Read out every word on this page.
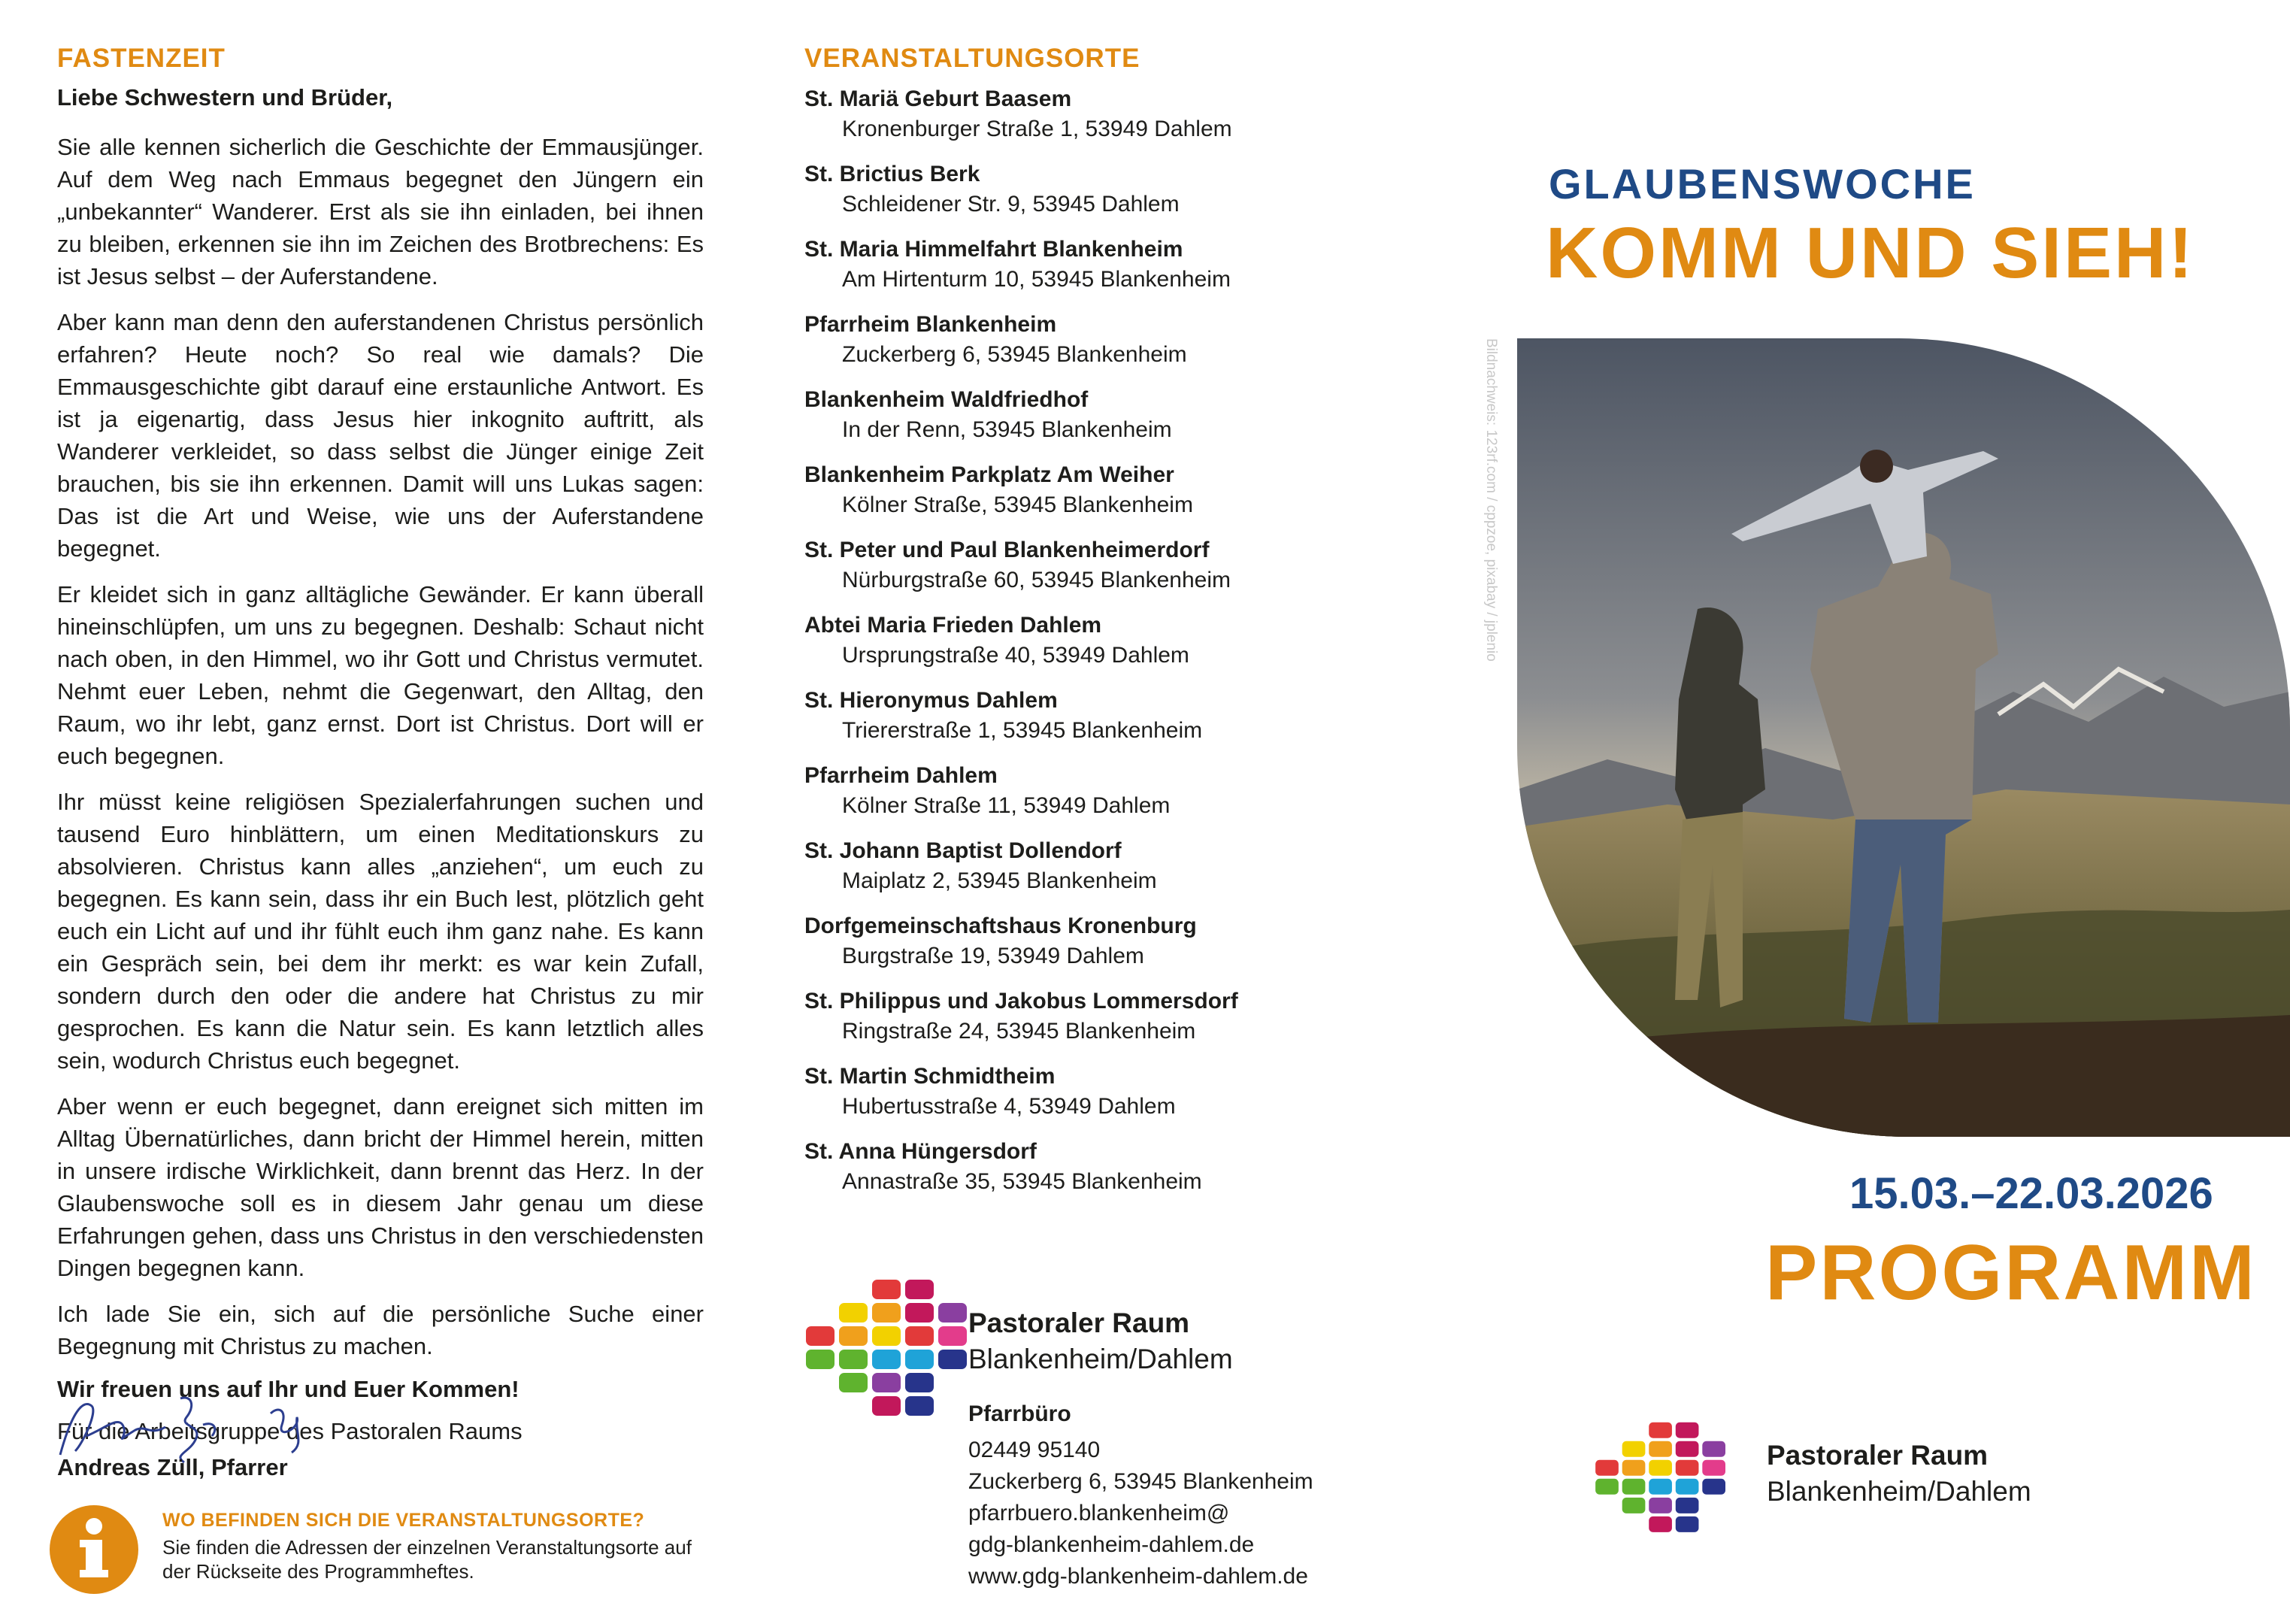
FASTENZEIT
Liebe Schwestern und Brüder,

Sie alle kennen sicherlich die Geschichte der Emmausjünger. Auf dem Weg nach Emmaus begegnet den Jüngern ein „unbekannter“ Wanderer. Erst als sie ihn einladen, bei ihnen zu bleiben, erkennen sie ihn im Zeichen des Brotbrechens: Es ist Jesus selbst – der Auferstandene.

Aber kann man denn den auferstandenen Christus persönlich erfahren? Heute noch? So real wie damals? Die Emmausgeschichte gibt darauf eine erstaunliche Antwort. Es ist ja eigenartig, dass Jesus hier inkognito auftritt, als Wanderer verkleidet, so dass selbst die Jünger einige Zeit brauchen, bis sie ihn erkennen. Damit will uns Lukas sagen: Das ist die Art und Weise, wie uns der Auferstandene begegnet.

Er kleidet sich in ganz alltägliche Gewänder. Er kann überall hineinschlüpfen, um uns zu begegnen. Deshalb: Schaut nicht nach oben, in den Himmel, wo ihr Gott und Christus vermutet. Nehmt euer Leben, nehmt die Gegenwart, den Alltag, den Raum, wo ihr lebt, ganz ernst. Dort ist Christus. Dort will er euch begegnen.

Ihr müsst keine religiösen Spezialerfahrungen suchen und tausend Euro hinblättern, um einen Meditationskurs zu absolvieren. Christus kann alles „anziehen“, um euch zu begegnen. Es kann sein, dass ihr ein Buch lest, plötzlich geht euch ein Licht auf und ihr fühlt euch ihm ganz nahe. Es kann ein Gespräch sein, bei dem ihr merkt: es war kein Zufall, sondern durch den oder die andere hat Christus zu mir gesprochen. Es kann die Natur sein. Es kann letztlich alles sein, wodurch Christus euch begegnet.

Aber wenn er euch begegnet, dann ereignet sich mitten im Alltag Übernatürliches, dann bricht der Himmel herein, mitten in unsere irdische Wirklichkeit, dann brennt das Herz. In der Glaubenswoche soll es in diesem Jahr genau um diese Erfahrungen gehen, dass uns Christus in den verschiedensten Dingen begegnen kann.

Ich lade Sie ein, sich auf die persönliche Suche einer Begegnung mit Christus zu machen.

Wir freuen uns auf Ihr und Euer Kommen!
Für die Arbeitsgruppe des Pastoralen Raums
Andreas Züll, Pfarrer
WO BEFINDEN SICH DIE VERANSTALTUNGSORTE?
Sie finden die Adressen der einzelnen Veranstaltungsorte auf der Rückseite des Programmheftes.
VERANSTALTUNGSORTE
St. Mariä Geburt Baasem
Kronenburger Straße 1, 53949 Dahlem
St. Brictius Berk
Schleidener Str. 9, 53945 Dahlem
St. Maria Himmelfahrt Blankenheim
Am Hirtenturm 10, 53945 Blankenheim
Pfarrheim Blankenheim
Zuckerberg 6, 53945 Blankenheim
Blankenheim Waldfriedhof
In der Renn, 53945 Blankenheim
Blankenheim Parkplatz Am Weiher
Kölner Straße, 53945 Blankenheim
St. Peter und Paul Blankenheimerdorf
Nürburgstraße 60, 53945 Blankenheim
Abtei Maria Frieden Dahlem
Ursprungstraße 40, 53949 Dahlem
St. Hieronymus Dahlem
Triererstraße 1, 53945 Blankenheim
Pfarrheim Dahlem
Kölner Straße 11, 53949 Dahlem
St. Johann Baptist Dollendorf
Maiplatz 2, 53945 Blankenheim
Dorfgemeinschaftshaus Kronenburg
Burgstraße 19, 53949 Dahlem
St. Philippus und Jakobus Lommersdorf
Ringstraße 24, 53945 Blankenheim
St. Martin Schmidtheim
Hubertusstraße 4, 53949 Dahlem
St. Anna Hüngersdorf
Annastraße 35, 53945 Blankenheim
Pastoraler Raum
Blankenheim/Dahlem
Pfarrbüro
02449 95140
Zuckerberg 6, 53945 Blankenheim
pfarrbuero.blankenheim@
gdg-blankenheim-dahlem.de
www.gdg-blankenheim-dahlem.de
GLAUBENSWOCHE
KOMM UND SIEH!
Bildnachweis: 123rf.com / cppzoe, pixabay / jplenio
15.03.–22.03.2026
PROGRAMM
Pastoraler Raum
Blankenheim/Dahlem
